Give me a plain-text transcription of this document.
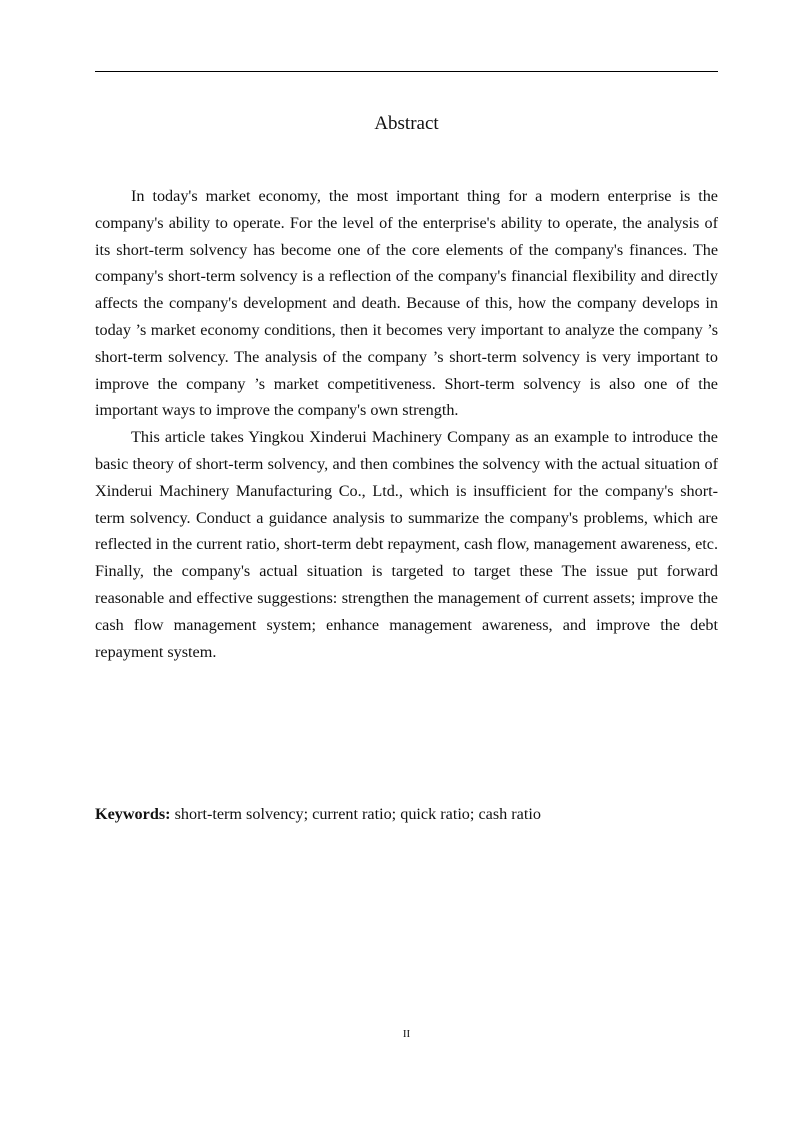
Abstract

In today's market economy, the most important thing for a modern enterprise is the company's ability to operate. For the level of the enterprise's ability to operate, the analysis of its short-term solvency has become one of the core elements of the company's finances. The company's short-term solvency is a reflection of the company's financial flexibility and directly affects the company's development and death. Because of this, how the company develops in today ’s market economy conditions, then it becomes very important to analyze the company ’s short-term solvency. The analysis of the company ’s short-term solvency is very important to improve the company ’s market competitiveness. Short-term solvency is also one of the important ways to improve the company's own strength.

This article takes Yingkou Xinderui Machinery Company as an example to introduce the basic theory of short-term solvency, and then combines the solvency with the actual situation of Xinderui Machinery Manufacturing Co., Ltd., which is insufficient for the company's short-term solvency. Conduct a guidance analysis to summarize the company's problems, which are reflected in the current ratio, short-term debt repayment, cash flow, management awareness, etc. Finally, the company's actual situation is targeted to target these The issue put forward reasonable and effective suggestions: strengthen the management of current assets; improve the cash flow management system; enhance management awareness, and improve the debt repayment system.

Keywords: short-term solvency; current ratio; quick ratio; cash ratio

II
